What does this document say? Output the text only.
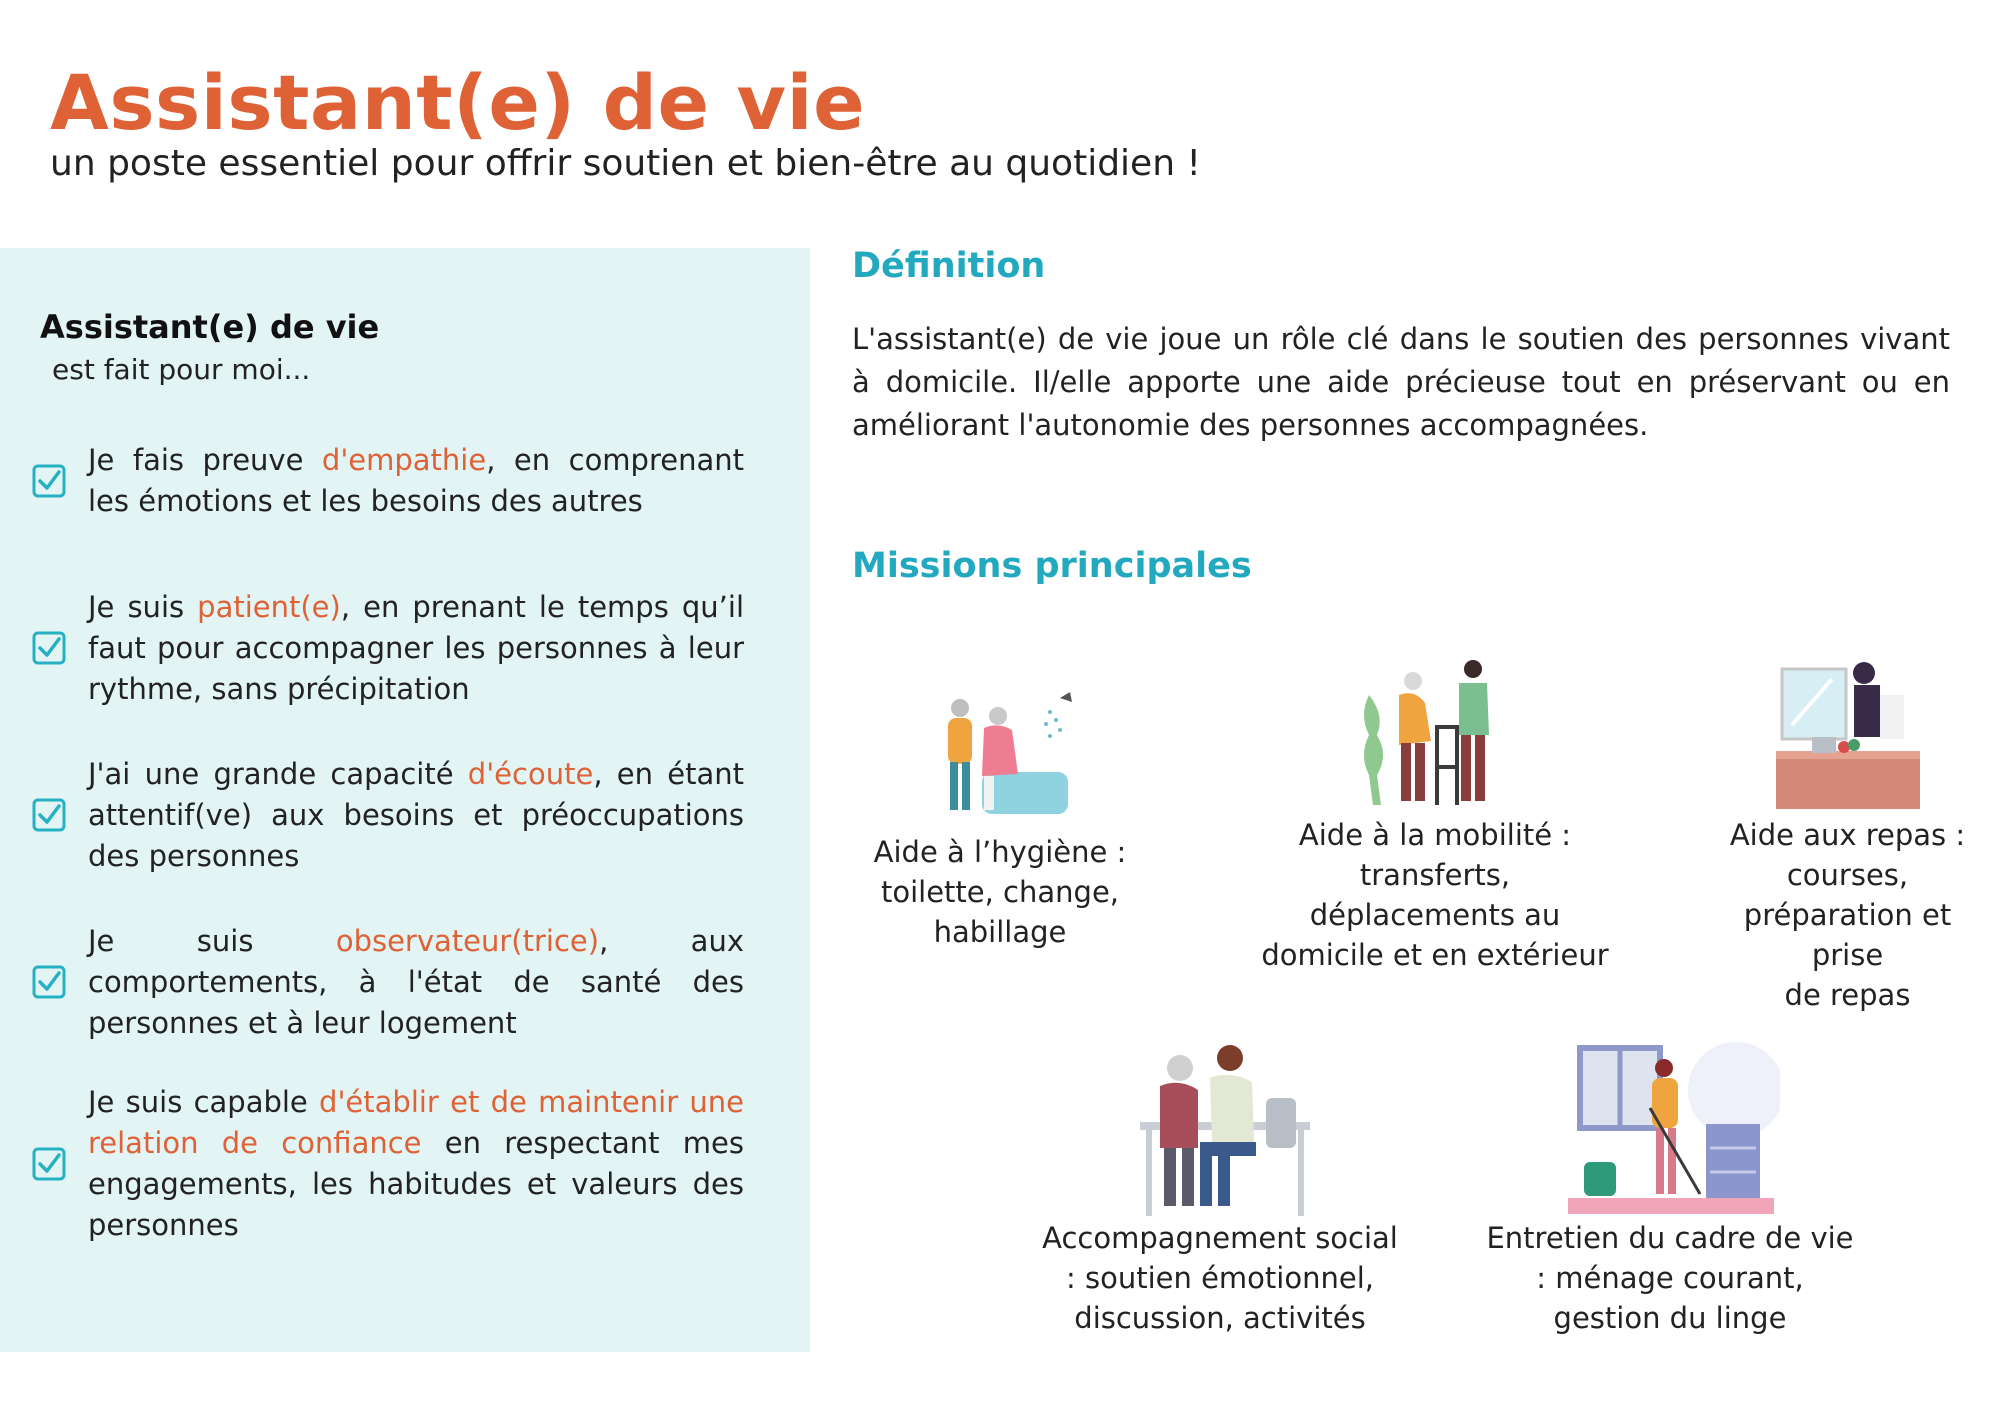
Assistant(e) de vie

un poste essentiel pour offrir soutien et bien-être au quotidien !

Assistant(e) de vie
est fait pour moi...
Je fais preuve d'empathie, en comprenant les émotions et les besoins des autres
Je suis patient(e), en prenant le temps qu’il faut pour accompagner les personnes à leur rythme, sans précipitation
J'ai une grande capacité d'écoute, en étant attentif(ve) aux besoins et préoccupations des personnes
Je suis observateur(trice), aux comportements, à l'état de santé des personnes et à leur logement
Je suis capable d'établir et de maintenir une relation de confiance en respectant mes engagements, les habitudes et valeurs des personnes
Définition

L'assistant(e) de vie joue un rôle clé dans le soutien des personnes vivant à domicile. Il/elle apporte une aide précieuse tout en préservant ou en améliorant l'autonomie des personnes accompagnées.

Missions principales
Aide à l’hygiène :
toilette, change,
habillage
Aide à la mobilité :
transferts,
déplacements au
domicile et en extérieur
Aide aux repas :
courses,
préparation et prise
de repas
Accompagnement social
: soutien émotionnel,
discussion, activités
Entretien du cadre de vie
: ménage courant,
gestion du linge
